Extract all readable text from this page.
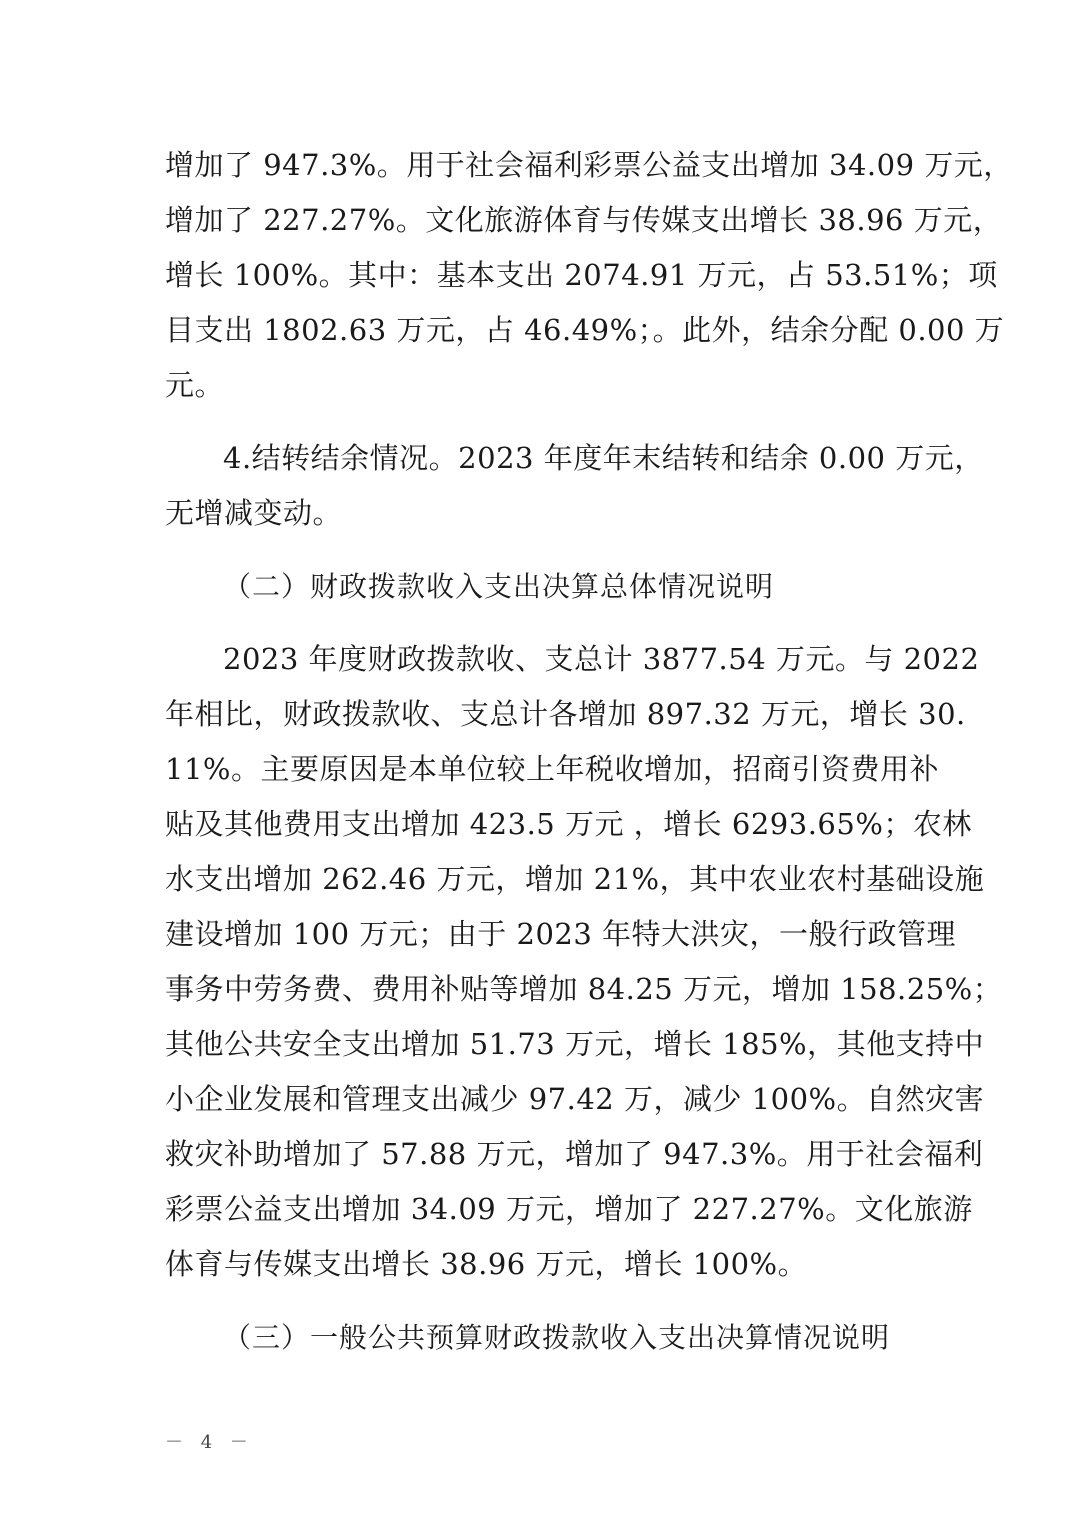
增加了 947.3%。用于社会福利彩票公益支出增加 34.09 万元，
增加了 227.27%。文化旅游体育与传媒支出增长 38.96 万元，
增长 100%。其中：基本支出 2074.91 万元，占 53.51%；项
目支出 1802.63 万元，占 46.49%；。此外，结余分配 0.00 万
元。
4.结转结余情况。2023 年度年末结转和结余 0.00 万元，
无增减变动。
（二）财政拨款收入支出决算总体情况说明
2023 年度财政拨款收、支总计 3877.54 万元。与 2022
年相比，财政拨款收、支总计各增加 897.32 万元，增长 30.
11%。主要原因是本单位较上年税收增加，招商引资费用补
贴及其他费用支出增加 423.5 万元 ，增长 6293.65%；农林
水支出增加 262.46 万元，增加 21%，其中农业农村基础设施
建设增加 100 万元；由于 2023 年特大洪灾，一般行政管理
事务中劳务费、费用补贴等增加 84.25 万元，增加 158.25%；
其他公共安全支出增加 51.73 万元，增长 185%，其他支持中
小企业发展和管理支出减少 97.42 万，减少 100%。自然灾害
救灾补助增加了 57.88 万元，增加了 947.3%。用于社会福利
彩票公益支出增加 34.09 万元，增加了 227.27%。文化旅游
体育与传媒支出增长 38.96 万元，增长 100%。
（三）一般公共预算财政拨款收入支出决算情况说明
－ 4 －
